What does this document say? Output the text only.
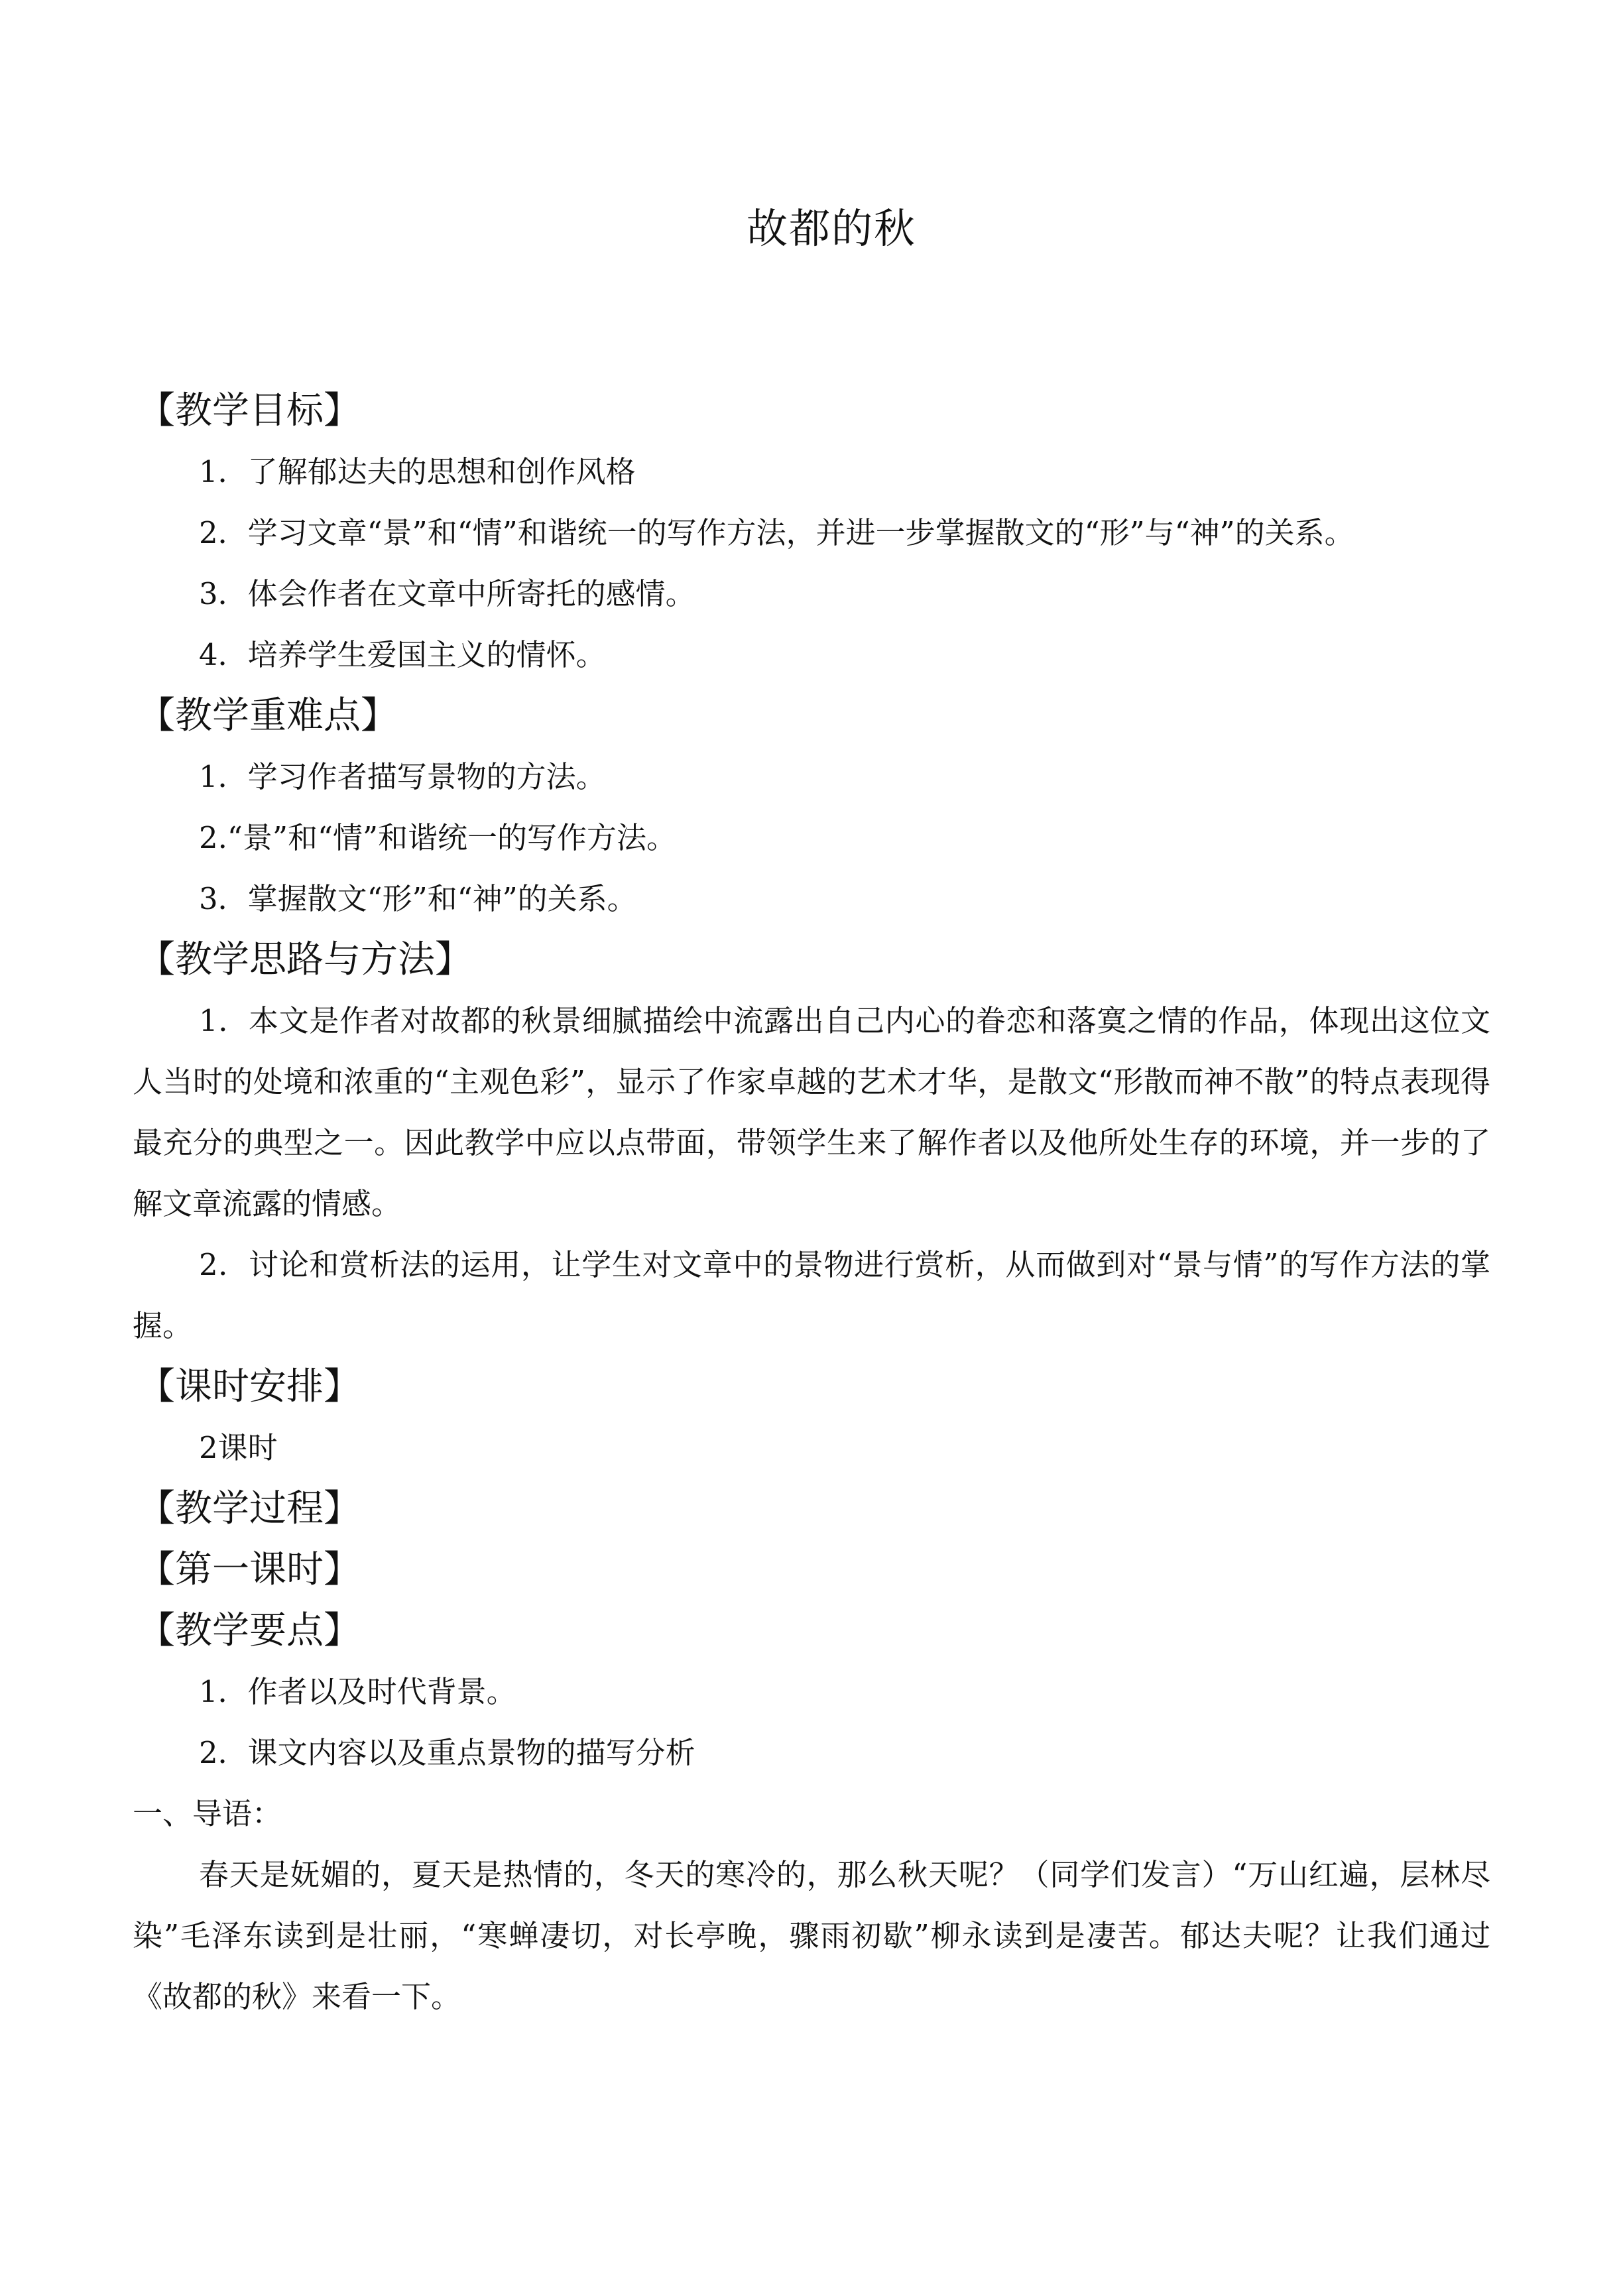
故都的秋
【教学目标】
1．了解郁达夫的思想和创作风格
2．学习文章“景”和“情”和谐统一的写作方法，并进一步掌握散文的“形”与“神”的关系。
3．体会作者在文章中所寄托的感情。
4．培养学生爱国主义的情怀。
【教学重难点】
1．学习作者描写景物的方法。
2.“景”和“情”和谐统一的写作方法。
3．掌握散文“形”和“神”的关系。
【教学思路与方法】
1．本文是作者对故都的秋景细腻描绘中流露出自己内心的眷恋和落寞之情的作品，体现出这位文人当时的处境和浓重的“主观色彩”，显示了作家卓越的艺术才华，是散文“形散而神不散”的特点表现得最充分的典型之一。因此教学中应以点带面，带领学生来了解作者以及他所处生存的环境，并一步的了解文章流露的情感。
2．讨论和赏析法的运用，让学生对文章中的景物进行赏析，从而做到对“景与情”的写作方法的掌握。
【课时安排】
2课时
【教学过程】
【第一课时】
【教学要点】
1．作者以及时代背景。
2．课文内容以及重点景物的描写分析
一、导语：
春天是妩媚的，夏天是热情的，冬天的寒冷的，那么秋天呢？（同学们发言）“万山红遍，层林尽染”毛泽东读到是壮丽，“寒蝉凄切，对长亭晚，骤雨初歇”柳永读到是凄苦。郁达夫呢？让我们通过《故都的秋》来看一下。
